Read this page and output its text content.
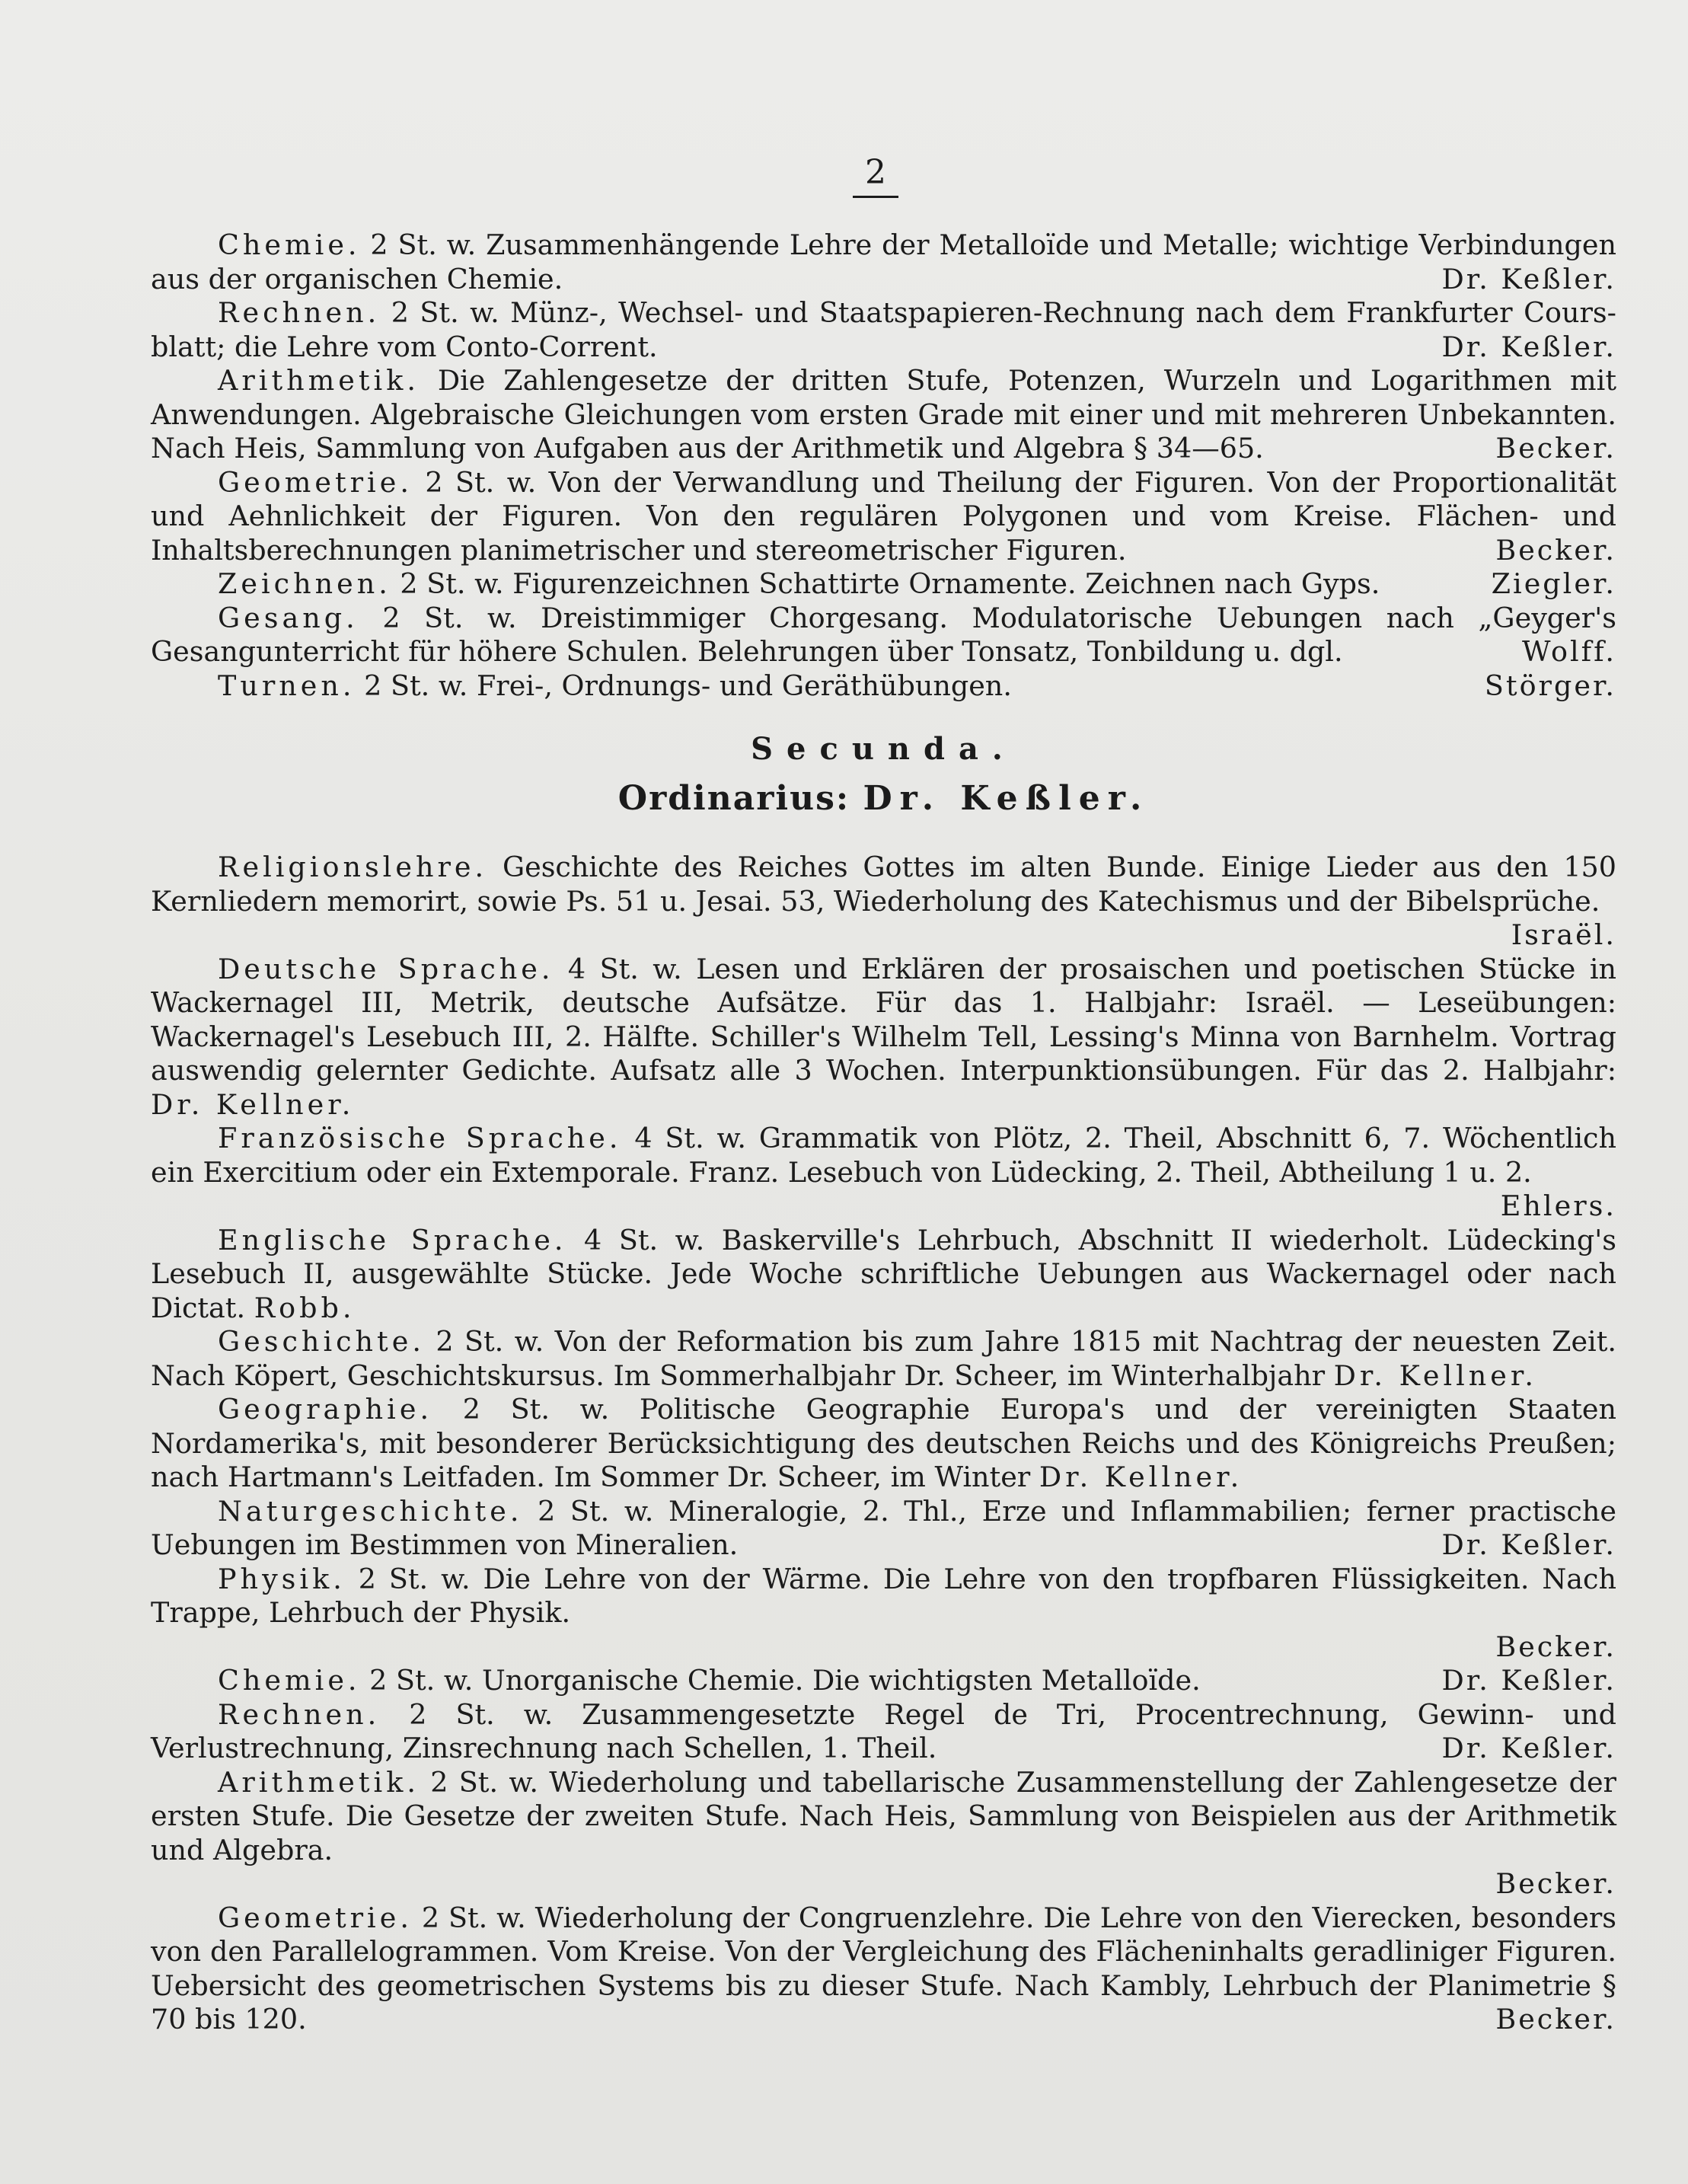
2

Chemie. 2 St. w. Zusammenhängende Lehre der Metalloïde und Metalle; wichtige Verbindungen aus der organischen Chemie.	Dr. Keßler.

Rechnen. 2 St. w. Münz-, Wechsel- und Staatspapieren-Rechnung nach dem Frankfurter Cours-blatt; die Lehre vom Conto-Corrent.	Dr. Keßler.

Arithmetik. Die Zahlengesetze der dritten Stufe, Potenzen, Wurzeln und Logarithmen mit Anwendungen. Algebraische Gleichungen vom ersten Grade mit einer und mit mehreren Unbekannten. Nach Heis, Sammlung von Aufgaben aus der Arithmetik und Algebra § 34—65.	Becker.

Geometrie. 2 St. w. Von der Verwandlung und Theilung der Figuren. Von der Proportionalität und Aehnlichkeit der Figuren. Von den regulären Polygonen und vom Kreise. Flächen- und Inhaltsberechnungen planimetrischer und stereometrischer Figuren.	Becker.

Zeichnen. 2 St. w. Figurenzeichnen Schattirte Ornamente. Zeichnen nach Gyps.	Ziegler.

Gesang. 2 St. w. Dreistimmiger Chorgesang. Modulatorische Uebungen nach „Geyger's Gesangunterricht für höhere Schulen. Belehrungen über Tonsatz, Tonbildung u. dgl.	Wolff.

Turnen. 2 St. w. Frei-, Ordnungs- und Geräthübungen.	Störger.

Secunda.

Ordinarius: Dr. Keßler.

Religionslehre. Geschichte des Reiches Gottes im alten Bunde. Einige Lieder aus den 150 Kernliedern memorirt, sowie Ps. 51 u. Jesai. 53, Wiederholung des Katechismus und der Bibelsprüche.

Israël.

Deutsche Sprache. 4 St. w. Lesen und Erklären der prosaischen und poetischen Stücke in Wackernagel III, Metrik, deutsche Aufsätze. Für das 1. Halbjahr: Israël. — Leseübungen: Wackernagel's Lesebuch III, 2. Hälfte. Schiller's Wilhelm Tell, Lessing's Minna von Barnhelm. Vortrag auswendig gelernter Gedichte. Aufsatz alle 3 Wochen. Interpunktionsübungen. Für das 2. Halbjahr: Dr. Kellner.

Französische Sprache. 4 St. w. Grammatik von Plötz, 2. Theil, Abschnitt 6, 7. Wöchentlich ein Exercitium oder ein Extemporale. Franz. Lesebuch von Lüdecking, 2. Theil, Abtheilung 1 u. 2.

Ehlers.

Englische Sprache. 4 St. w. Baskerville's Lehrbuch, Abschnitt II wiederholt. Lüdecking's Lesebuch II, ausgewählte Stücke. Jede Woche schriftliche Uebungen aus Wackernagel oder nach Dictat. Robb.

Geschichte. 2 St. w. Von der Reformation bis zum Jahre 1815 mit Nachtrag der neuesten Zeit. Nach Köpert, Geschichtskursus. Im Sommerhalbjahr Dr. Scheer, im Winterhalbjahr Dr. Kellner.

Geographie. 2 St. w. Politische Geographie Europa's und der vereinigten Staaten Nordamerika's, mit besonderer Berücksichtigung des deutschen Reichs und des Königreichs Preußen; nach Hartmann's Leitfaden. Im Sommer Dr. Scheer, im Winter Dr. Kellner.

Naturgeschichte. 2 St. w. Mineralogie, 2. Thl., Erze und Inflammabilien; ferner practische Uebungen im Bestimmen von Mineralien.	Dr. Keßler.

Physik. 2 St. w. Die Lehre von der Wärme. Die Lehre von den tropfbaren Flüssigkeiten. Nach Trappe, Lehrbuch der Physik.

Becker.

Chemie. 2 St. w. Unorganische Chemie. Die wichtigsten Metalloïde.	Dr. Keßler.

Rechnen. 2 St. w. Zusammengesetzte Regel de Tri, Procentrechnung, Gewinn- und Verlustrechnung, Zinsrechnung nach Schellen, 1. Theil.	Dr. Keßler.

Arithmetik. 2 St. w. Wiederholung und tabellarische Zusammenstellung der Zahlengesetze der ersten Stufe. Die Gesetze der zweiten Stufe. Nach Heis, Sammlung von Beispielen aus der Arithmetik und Algebra.

Becker.

Geometrie. 2 St. w. Wiederholung der Congruenzlehre. Die Lehre von den Vierecken, besonders von den Parallelogrammen. Vom Kreise. Von der Vergleichung des Flächeninhalts geradliniger Figuren. Uebersicht des geometrischen Systems bis zu dieser Stufe. Nach Kambly, Lehrbuch der Planimetrie § 70 bis 120.	Becker.
